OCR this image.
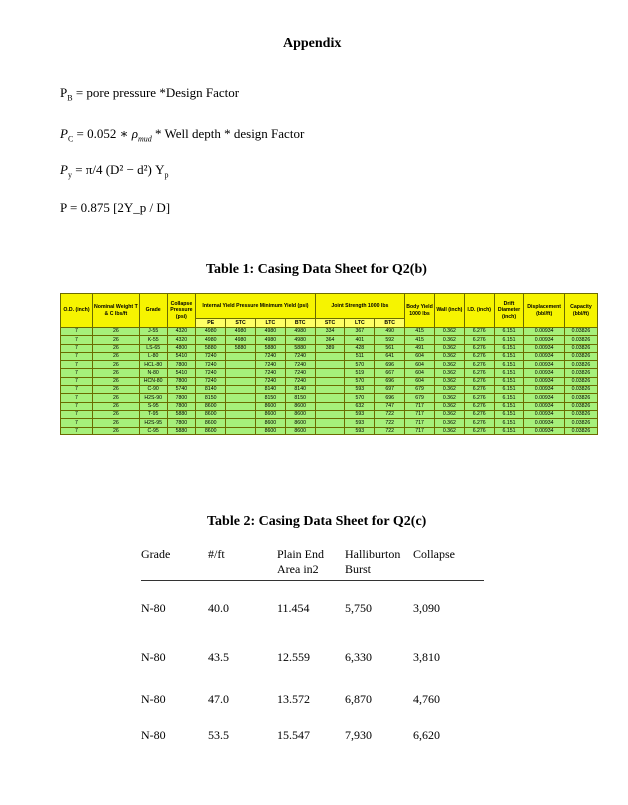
Appendix
$P_B$ = pore pressure *Design Factor
$P_C = 0.052$ ∗ $\rho_{mud}$ * Well depth * design Factor
$P_y = \pi/4$ (D² − d²) $Y_p$
P = 0.875 [2Y_p / D]
Table 1: Casing Data Sheet for Q2(b)
O.D. (inch)	Nominal Weight T & C lbs/ft	Grade	Collapse Pressure (psi)	Internal Yield Pressure Minimum Yield (psi)				Joint Strength 1000 lbs			Body Yield 1000 lbs	Wall (inch)	I.D. (inch)	Drift Diameter (inch)	Displacement (bbl/ft)	Capacity (bbl/ft)
				PE	STC	LTC	BTC	STC	LTC	BTC						
7	26	J-55	4320	4980	4980	4980	4980	334	367	490	415	0.362	6.276	6.151	0.00934	0.03826
7	26	K-55	4320	4980	4980	4980	4980	364	401	592	415	0.362	6.276	6.151	0.00934	0.03826
7	26	LS-65	4800	5880	5880	5880	5880	389	428	561	491	0.362	6.276	6.151	0.00934	0.03826
7	26	L-80	5410	7240		7240	7240		511	641	604	0.362	6.276	6.151	0.00934	0.03826
7	26	HCL-80	7800	7240		7240	7240		570	696	604	0.362	6.276	6.151	0.00934	0.03826
7	26	N-80	5410	7240		7240	7240		519	667	604	0.362	6.276	6.151	0.00934	0.03826
7	26	HCN-80	7800	7240		7240	7240		570	696	604	0.362	6.276	6.151	0.00934	0.03826
7	26	C-90	5740	8140		8140	8140		593	697	679	0.362	6.276	6.151	0.00934	0.03826
7	26	H2S-90	7800	8150		8150	8150		570	696	679	0.362	6.276	6.151	0.00934	0.03826
7	26	S-95	7800	8600		8600	8600		632	747	717	0.362	6.276	6.151	0.00934	0.03826
7	26	T-95	5880	8600		8600	8600		593	722	717	0.362	6.276	6.151	0.00934	0.03826
7	26	H2S-95	7800	8600		8600	8600		593	722	717	0.362	6.276	6.151	0.00934	0.03826
7	26	C-95	5880	8600		8600	8600		593	722	717	0.362	6.276	6.151	0.00934	0.03826
Table 2: Casing Data Sheet for Q2(c)
Grade	#/ft	Plain End Area in2	Halliburton Burst	Collapse
N-80	40.0	11.454	5,750	3,090
N-80	43.5	12.559	6,330	3,810
N-80	47.0	13.572	6,870	4,760
N-80	53.5	15.547	7,930	6,620
